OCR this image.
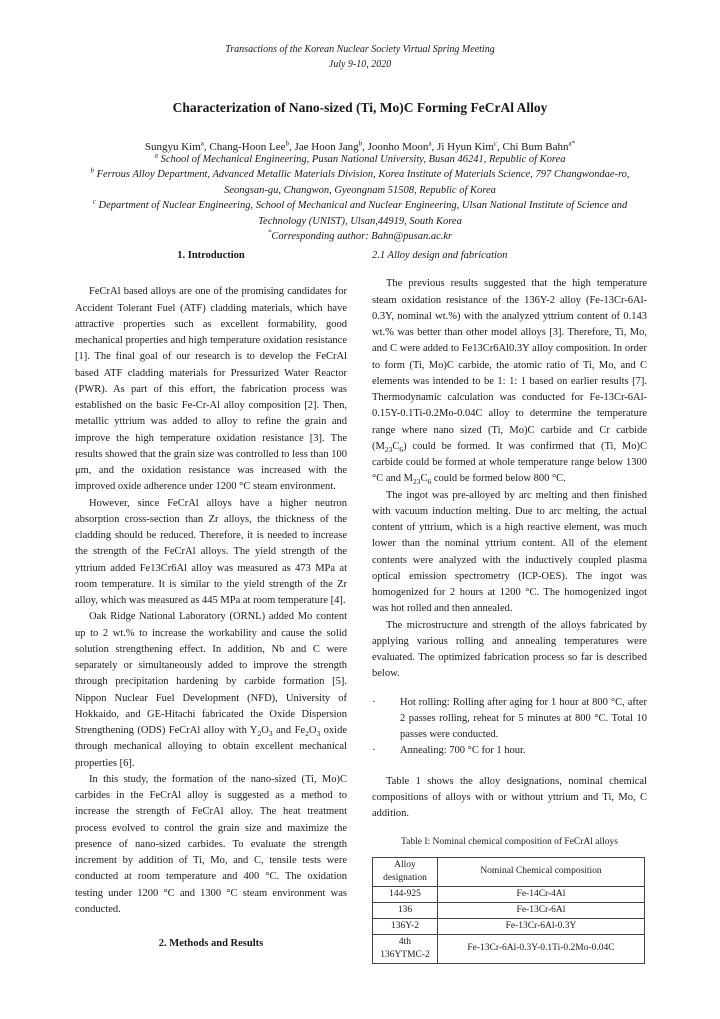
Transactions of the Korean Nuclear Society Virtual Spring Meeting
July 9-10, 2020
Characterization of Nano-sized (Ti, Mo)C Forming FeCrAl Alloy
Sungyu Kim$^a$, Chang-Hoon Lee$^b$, Jae Hoon Jang$^b$, Joonho Moon$^a$, Ji Hyun Kim$^c$, Chi Bum Bahn$^{a*}$
$^a$ School of Mechanical Engineering, Pusan National University, Busan 46241, Republic of Korea
$^b$ Ferrous Alloy Department, Advanced Metallic Materials Division, Korea Institute of Materials Science, 797 Changwondae-ro, Seongsan-gu, Changwon, Gyeongnam 51508, Republic of Korea
$^c$ Department of Nuclear Engineering, School of Mechanical and Nuclear Engineering, Ulsan National Institute of Science and Technology (UNIST), Ulsan,44919, South Korea
*Corresponding author: Bahn@pusan.ac.kr
1. Introduction

FeCrAl based alloys are one of the promising candidates for Accident Tolerant Fuel (ATF) cladding materials, which have attractive properties such as excellent formability, good mechanical properties and high temperature oxidation resistance [1]. The final goal of our research is to develop the FeCrAl based ATF cladding materials for Pressurized Water Reactor (PWR). As part of this effort, the fabrication process was established on the basic Fe-Cr-Al alloy composition [2]. Then, metallic yttrium was added to alloy to refine the grain and improve the high temperature oxidation resistance [3]. The results showed that the grain size was controlled to less than 100 μm, and the oxidation resistance was increased with the improved oxide adherence under 1200 °C steam environment.

However, since FeCrAl alloys have a higher neutron absorption cross-section than Zr alloys, the thickness of the cladding should be reduced. Therefore, it is needed to increase the strength of the FeCrAl alloys. The yield strength of the yttrium added Fe13Cr6Al alloy was measured as 473 MPa at room temperature. It is similar to the yield strength of the Zr alloy, which was measured as 445 MPa at room temperature [4].

Oak Ridge National Laboratory (ORNL) added Mo content up to 2 wt.% to increase the workability and cause the solid solution strengthening effect. In addition, Nb and C were separately or simultaneously added to improve the strength through precipitation hardening by carbide formation [5]. Nippon Nuclear Fuel Development (NFD), University of Hokkaido, and GE-Hitachi fabricated the Oxide Dispersion Strengthening (ODS) FeCrAl alloy with $Y_2O_3$ and $Fe_2O_3$ oxide through mechanical alloying to obtain excellent mechanical properties [6].

In this study, the formation of the nano-sized (Ti, Mo)C carbides in the FeCrAl alloy is suggested as a method to increase the strength of FeCrAl alloy. The heat treatment process evolved to control the grain size and maximize the presence of nano-sized carbides. To evaluate the strength increment by addition of Ti, Mo, and C, tensile tests were conducted at room temperature and 400 °C. The oxidation testing under 1200 °C and 1300 °C steam environment was conducted.

2. Methods and Results
2.1 Alloy design and fabrication

The previous results suggested that the high temperature steam oxidation resistance of the 136Y-2 alloy (Fe-13Cr-6Al-0.3Y, nominal wt.%) with the analyzed yttrium content of 0.143 wt.% was better than other model alloys [3]. Therefore, Ti, Mo, and C were added to Fe13Cr6Al0.3Y alloy composition. In order to form (Ti, Mo)C carbide, the atomic ratio of Ti, Mo, and C elements was intended to be 1: 1: 1 based on earlier results [7]. Thermodynamic calculation was conducted for Fe-13Cr-6Al-0.15Y-0.1Ti-0.2Mo-0.04C alloy to determine the temperature range where nano sized (Ti, Mo)C carbide and Cr carbide $(M_{23}C_6)$ could be formed. It was confirmed that (Ti, Mo)C carbide could be formed at whole temperature range below 1300 °C and $M_{23}C_6$ could be formed below 800 °C.

The ingot was pre-alloyed by arc melting and then finished with vacuum induction melting. Due to arc melting, the actual content of yttrium, which is a high reactive element, was much lower than the nominal yttrium content. All of the element contents were analyzed with the inductively coupled plasma optical emission spectrometry (ICP-OES). The ingot was homogenized for 2 hours at 1200 °C. The homogenized ingot was hot rolled and then annealed.

The microstructure and strength of the alloys fabricated by applying various rolling and annealing temperatures were evaluated. The optimized fabrication process so far is described below.

· Hot rolling: Rolling after aging for 1 hour at 800 °C, after 2 passes rolling, reheat for 5 minutes at 800 °C. Total 10 passes were conducted.
· Annealing: 700 °C for 1 hour.

Table 1 shows the alloy designations, nominal chemical compositions of alloys with or without yttrium and Ti, Mo, C addition.

Table I: Nominal chemical composition of FeCrAl alloys
Alloy designation	Nominal Chemical composition
144-925	Fe-14Cr-4Al
136	Fe-13Cr-6Al
136Y-2	Fe-13Cr-6Al-0.3Y
4th 136YTMC-2	Fe-13Cr-6Al-0.3Y-0.1Ti-0.2Mo-0.04C
